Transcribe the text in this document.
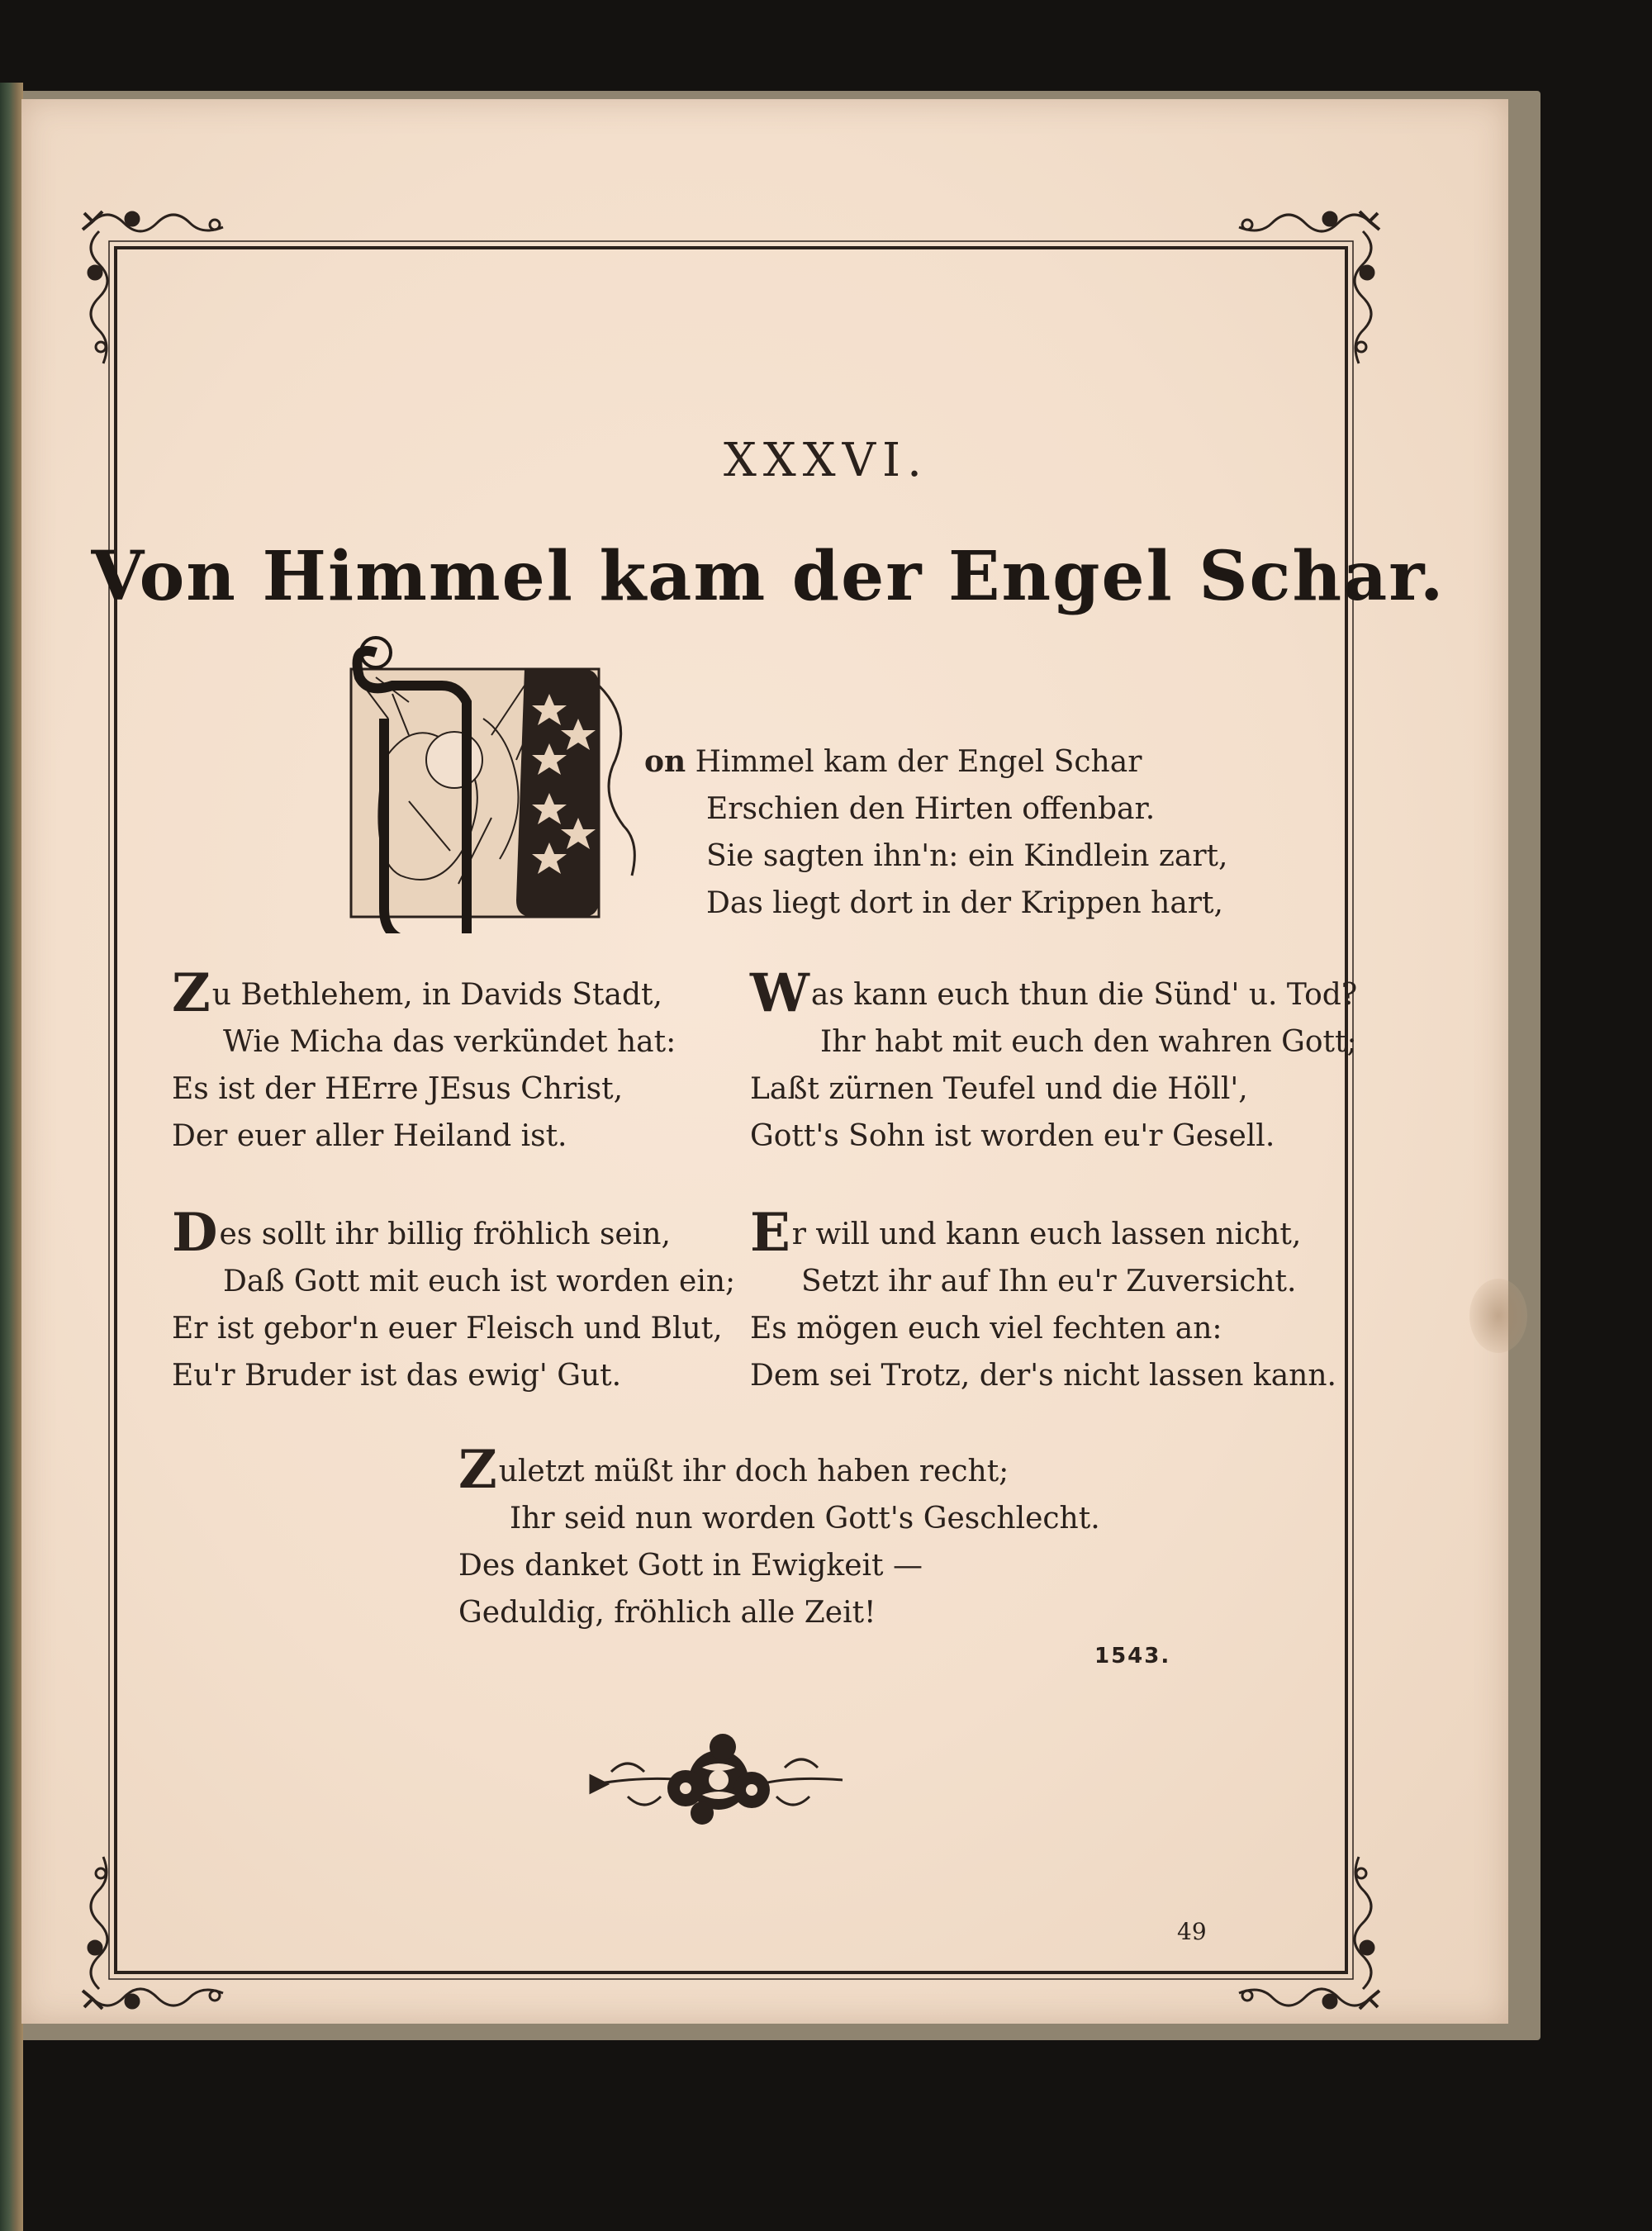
XXXVI.
Von Himmel kam der Engel Schar.
on Himmel kam der Engel Schar
Erschien den Hirten offenbar.
Sie sagten ihn'n: ein Kindlein zart,
Das liegt dort in der Krippen hart,
Zu Bethlehem, in Davids Stadt,
Wie Micha das verkündet hat:
Es ist der HErre JEsus Christ,
Der euer aller Heiland ist.
Was kann euch thun die Sünd' u. Tod?
Ihr habt mit euch den wahren Gott;
Laßt zürnen Teufel und die Höll',
Gott's Sohn ist worden eu'r Gesell.
Des sollt ihr billig fröhlich sein,
Daß Gott mit euch ist worden ein;
Er ist gebor'n euer Fleisch und Blut,
Eu'r Bruder ist das ewig' Gut.
Er will und kann euch lassen nicht,
Setzt ihr auf Ihn eu'r Zuversicht.
Es mögen euch viel fechten an:
Dem sei Trotz, der's nicht lassen kann.
Zuletzt müßt ihr doch haben recht;
Ihr seid nun worden Gott's Geschlecht.
Des danket Gott in Ewigkeit —
Geduldig, fröhlich alle Zeit!
1543.
49
